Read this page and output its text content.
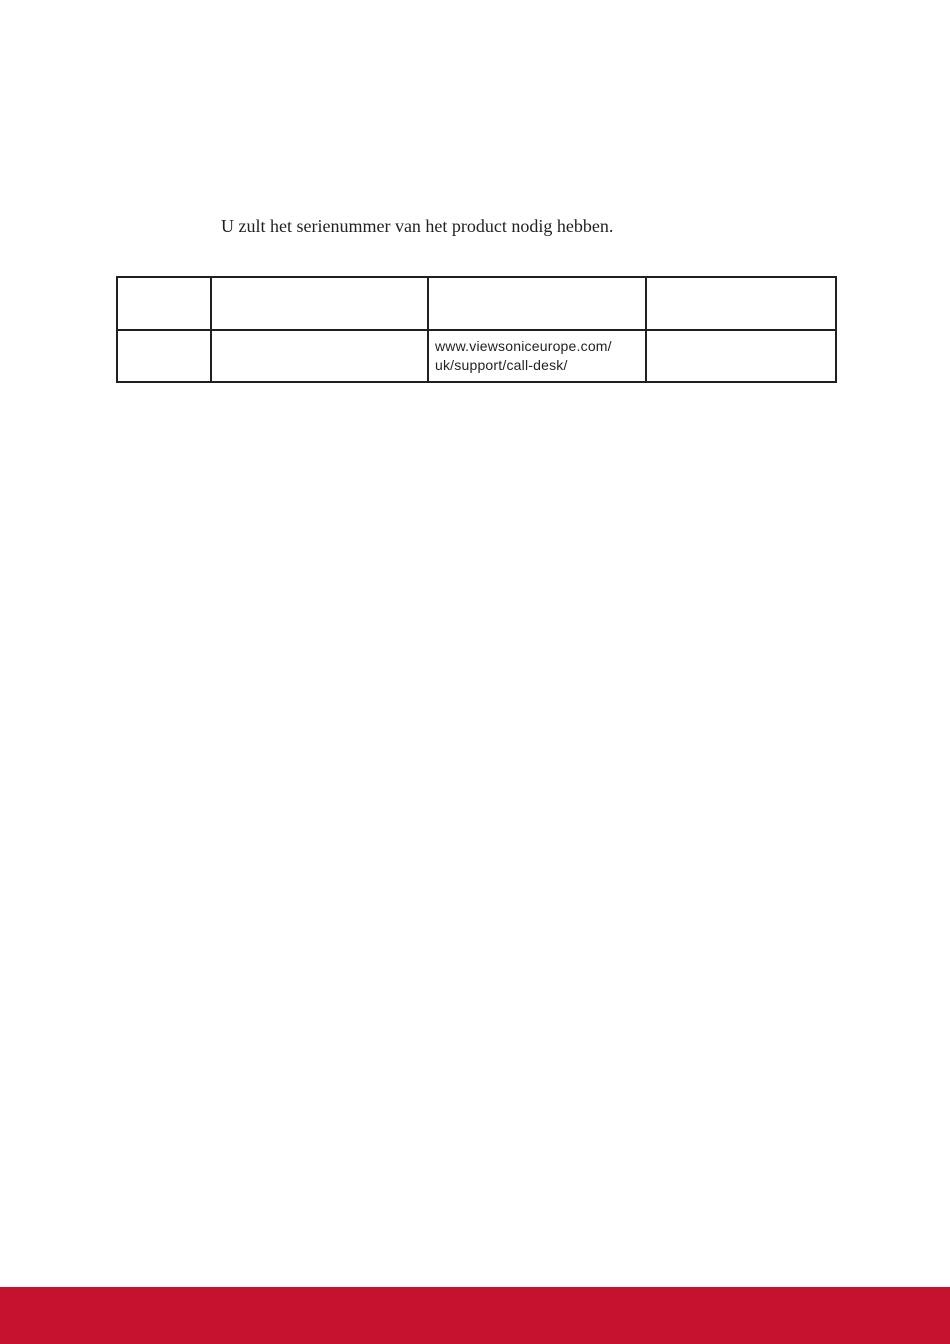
U zult het serienummer van het product nodig hebben.

		www.viewsoniceurope.com/
uk/support/call-desk/	
